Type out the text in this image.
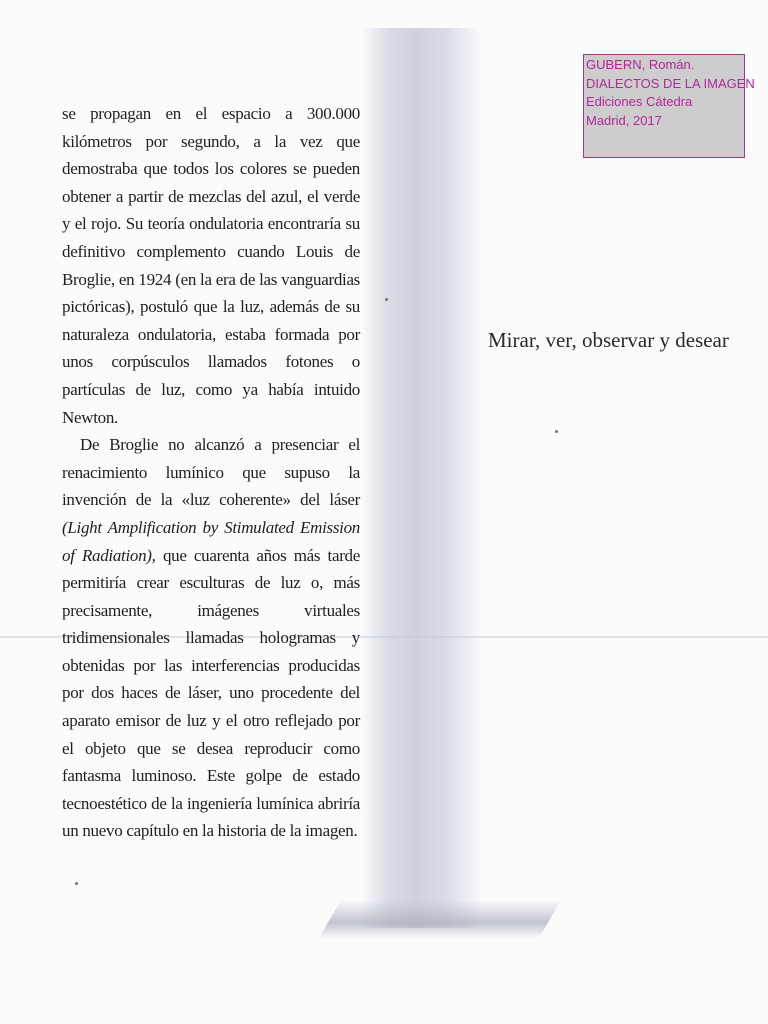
GUBERN, Román.
DIALECTOS DE LA IMAGEN
Ediciones Cátedra
Madrid, 2017

se propagan en el espacio a 300.000 kilómetros por segundo, a la vez que demostraba que todos los colores se pueden obtener a partir de mezclas del azul, el verde y el rojo. Su teoría ondulatoria encontraría su definitivo complemento cuando Louis de Broglie, en 1924 (en la era de las vanguardias pictóricas), postuló que la luz, además de su naturaleza ondulatoria, estaba formada por unos corpúsculos llamados fotones o partículas de luz, como ya había intuido Newton.

De Broglie no alcanzó a presenciar el renacimiento lumínico que supuso la invención de la «luz coherente» del láser (Light Amplification by Stimulated Emission of Radiation), que cuarenta años más tarde permitiría crear esculturas de luz o, más precisamente, imágenes virtuales tridimensionales llamadas hologramas y obtenidas por las interferencias producidas por dos haces de láser, uno procedente del aparato emisor de luz y el otro reflejado por el objeto que se desea reproducir como fantasma luminoso. Este golpe de estado tecnoestético de la ingeniería lumínica abriría un nuevo capítulo en la historia de la imagen.

Mirar, ver, observar y desear
